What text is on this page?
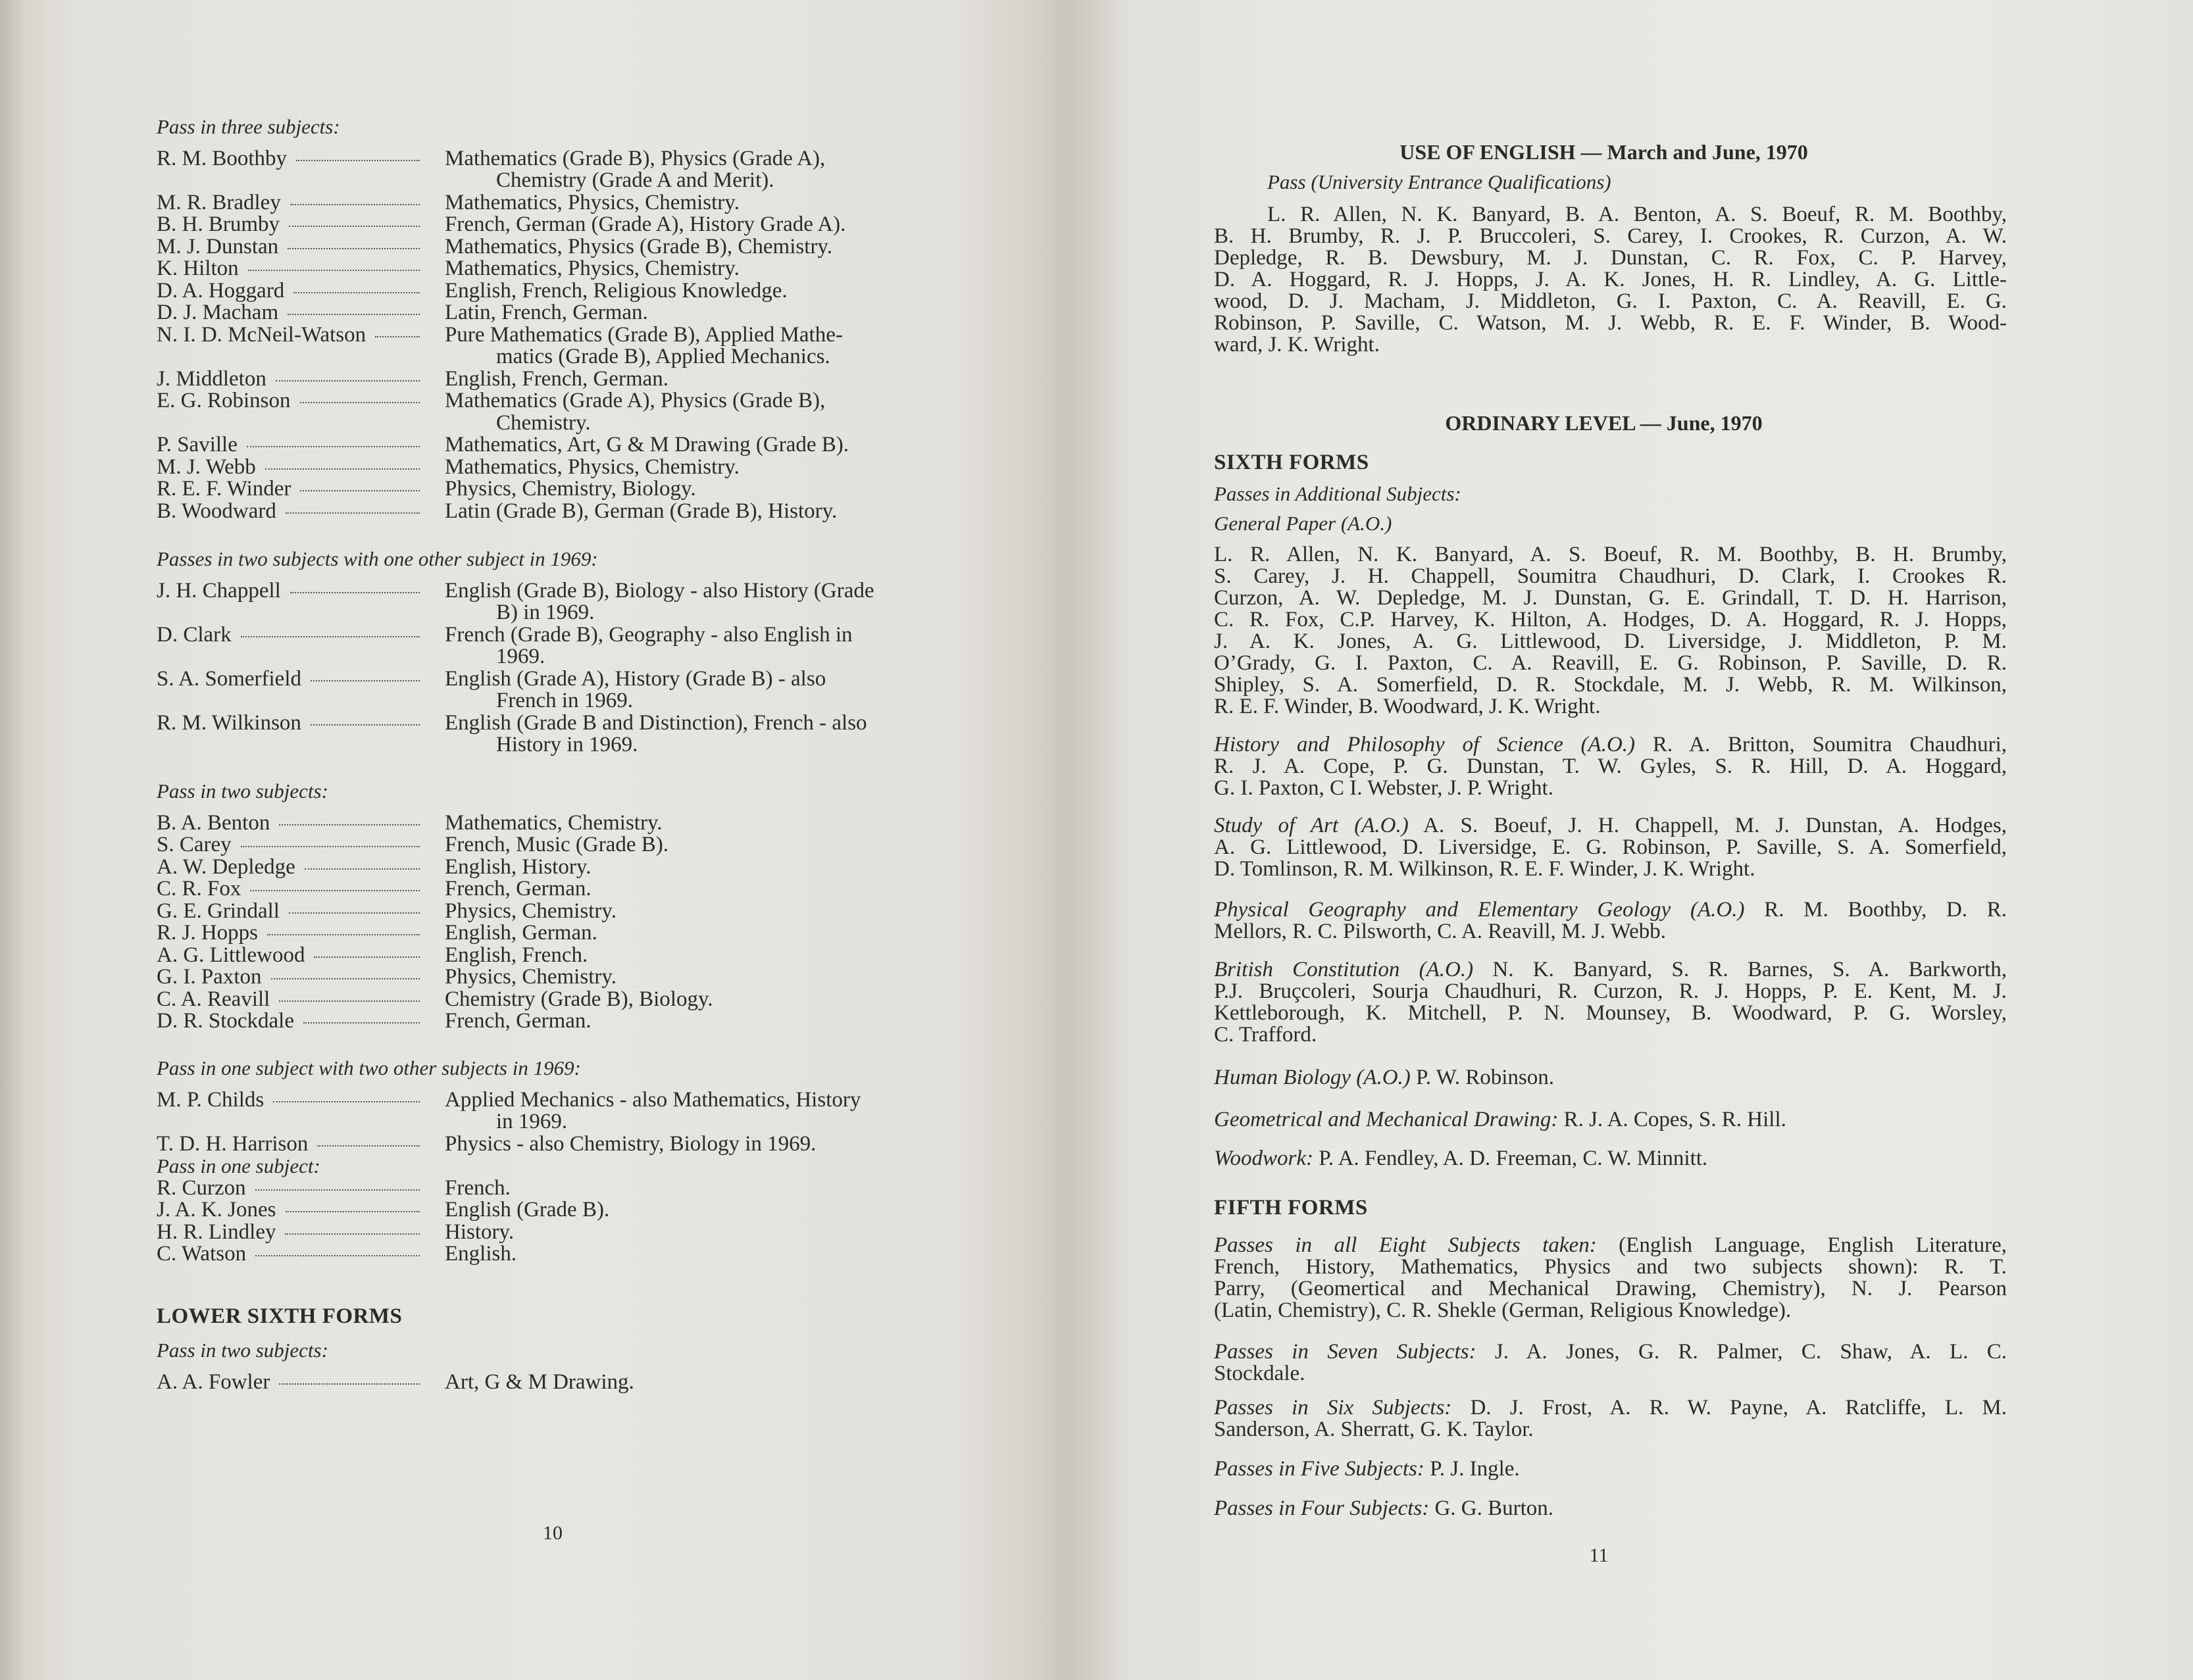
Pass in three subjects:
R. M. Boothby	Mathematics (Grade B), Physics (Grade A),
Chemistry (Grade A and Merit).
M. R. Bradley	Mathematics, Physics, Chemistry.
B. H. Brumby	French, German (Grade A), History Grade A).
M. J. Dunstan	Mathematics, Physics (Grade B), Chemistry.
K. Hilton	Mathematics, Physics, Chemistry.
D. A. Hoggard	English, French, Religious Knowledge.
D. J. Macham	Latin, French, German.
N. I. D. McNeil-Watson	Pure Mathematics (Grade B), Applied Mathe-
matics (Grade B), Applied Mechanics.
J. Middleton	English, French, German.
E. G. Robinson	Mathematics (Grade A), Physics (Grade B),
Chemistry.
P. Saville	Mathematics, Art, G & M Drawing (Grade B).
M. J. Webb	Mathematics, Physics, Chemistry.
R. E. F. Winder	Physics, Chemistry, Biology.
B. Woodward	Latin (Grade B), German (Grade B), History.
Passes in two subjects with one other subject in 1969:
J. H. Chappell	English (Grade B), Biology - also History (Grade
B) in 1969.
D. Clark	French (Grade B), Geography - also English in
1969.
S. A. Somerfield	English (Grade A), History (Grade B) - also
French in 1969.
R. M. Wilkinson	English (Grade B and Distinction), French - also
History in 1969.
Pass in two subjects:
B. A. Benton	Mathematics, Chemistry.
S. Carey	French, Music (Grade B).
A. W. Depledge	English, History.
C. R. Fox	French, German.
G. E. Grindall	Physics, Chemistry.
R. J. Hopps	English, German.
A. G. Littlewood	English, French.
G. I. Paxton	Physics, Chemistry.
C. A. Reavill	Chemistry (Grade B), Biology.
D. R. Stockdale	French, German.
Pass in one subject with two other subjects in 1969:
M. P. Childs	Applied Mechanics - also Mathematics, History
in 1969.
T. D. H. Harrison	Physics - also Chemistry, Biology in 1969.
Pass in one subject:
R. Curzon	French.
J. A. K. Jones	English (Grade B).
H. R. Lindley	History.
C. Watson	English.
LOWER SIXTH FORMS
Pass in two subjects:
A. A. Fowler	Art, G & M Drawing.
10
USE OF ENGLISH — March and June, 1970
Pass (University Entrance Qualifications)
L. R. Allen, N. K. Banyard, B. A. Benton, A. S. Boeuf, R. M. Boothby,
B. H. Brumby, R. J. P. Bruccoleri, S. Carey, I. Crookes, R. Curzon, A. W.
Depledge, R. B. Dewsbury, M. J. Dunstan, C. R. Fox, C. P. Harvey,
D. A. Hoggard, R. J. Hopps, J. A. K. Jones, H. R. Lindley, A. G. Little-
wood, D. J. Macham, J. Middleton, G. I. Paxton, C. A. Reavill, E. G.
Robinson, P. Saville, C. Watson, M. J. Webb, R. E. F. Winder, B. Wood-
ward, J. K. Wright.
ORDINARY LEVEL — June, 1970
SIXTH FORMS
Passes in Additional Subjects:
General Paper (A.O.)
L. R. Allen, N. K. Banyard, A. S. Boeuf, R. M. Boothby, B. H. Brumby,
S. Carey, J. H. Chappell, Soumitra Chaudhuri, D. Clark, I. Crookes R.
Curzon, A. W. Depledge, M. J. Dunstan, G. E. Grindall, T. D. H. Harrison,
C. R. Fox, C.P. Harvey, K. Hilton, A. Hodges, D. A. Hoggard, R. J. Hopps,
J. A. K. Jones, A. G. Littlewood, D. Liversidge, J. Middleton, P. M.
O’Grady, G. I. Paxton, C. A. Reavill, E. G. Robinson, P. Saville, D. R.
Shipley, S. A. Somerfield, D. R. Stockdale, M. J. Webb, R. M. Wilkinson,
R. E. F. Winder, B. Woodward, J. K. Wright.
History and Philosophy of Science (A.O.) R. A. Britton, Soumitra Chaudhuri,
R. J. A. Cope, P. G. Dunstan, T. W. Gyles, S. R. Hill, D. A. Hoggard,
G. I. Paxton, C I. Webster, J. P. Wright.
Study of Art (A.O.) A. S. Boeuf, J. H. Chappell, M. J. Dunstan, A. Hodges,
A. G. Littlewood, D. Liversidge, E. G. Robinson, P. Saville, S. A. Somerfield,
D. Tomlinson, R. M. Wilkinson, R. E. F. Winder, J. K. Wright.
Physical Geography and Elementary Geology (A.O.) R. M. Boothby, D. R.
Mellors, R. C. Pilsworth, C. A. Reavill, M. J. Webb.
British Constitution (A.O.) N. K. Banyard, S. R. Barnes, S. A. Barkworth,
P.J. Bruçcoleri, Sourja Chaudhuri, R. Curzon, R. J. Hopps, P. E. Kent, M. J.
Kettleborough, K. Mitchell, P. N. Mounsey, B. Woodward, P. G. Worsley,
C. Trafford.
Human Biology (A.O.) P. W. Robinson.
Geometrical and Mechanical Drawing: R. J. A. Copes, S. R. Hill.
Woodwork: P. A. Fendley, A. D. Freeman, C. W. Minnitt.
FIFTH FORMS
Passes in all Eight Subjects taken: (English Language, English Literature,
French, History, Mathematics, Physics and two subjects shown): R. T.
Parry, (Geomertical and Mechanical Drawing, Chemistry), N. J. Pearson
(Latin, Chemistry), C. R. Shekle (German, Religious Knowledge).
Passes in Seven Subjects: J. A. Jones, G. R. Palmer, C. Shaw, A. L. C.
Stockdale.
Passes in Six Subjects: D. J. Frost, A. R. W. Payne, A. Ratcliffe, L. M.
Sanderson, A. Sherratt, G. K. Taylor.
Passes in Five Subjects: P. J. Ingle.
Passes in Four Subjects: G. G. Burton.
11
